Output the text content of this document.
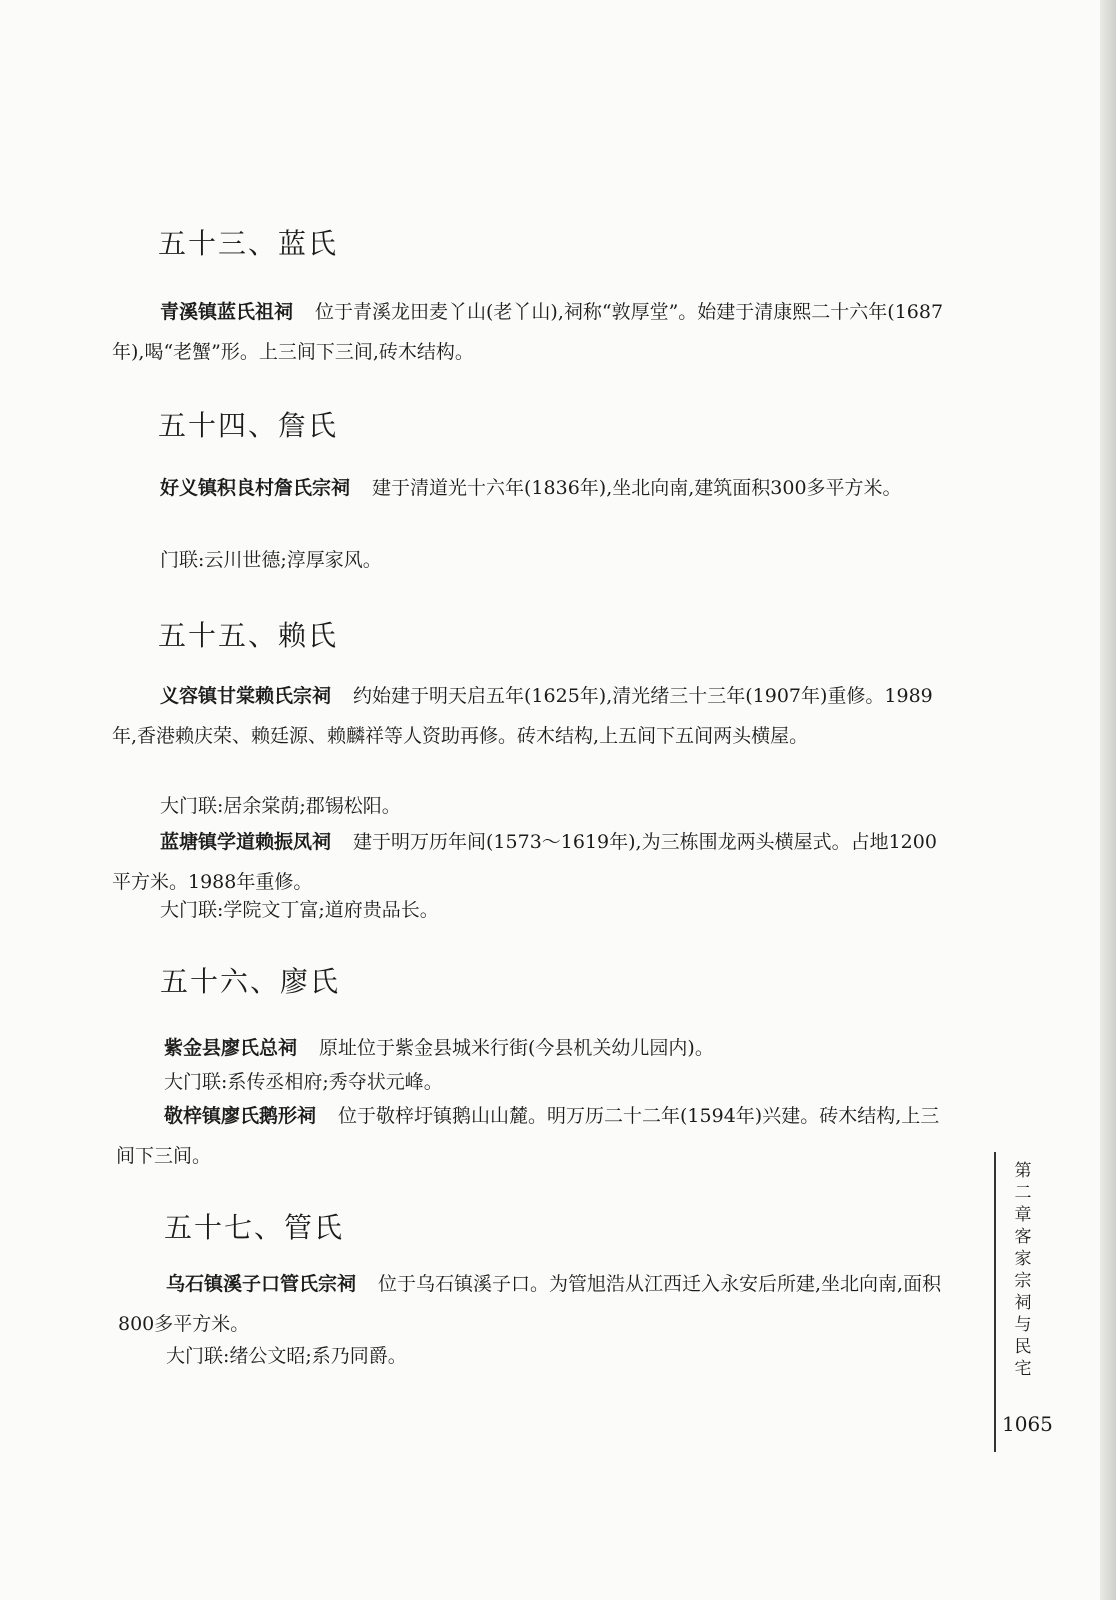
五十三、蓝氏

青溪镇蓝氏祖祠 位于青溪龙田麦丫山(老丫山),祠称“敦厚堂”。始建于清康熙二十六年(1687年),喝“老蟹”形。上三间下三间,砖木结构。

五十四、詹氏

好义镇积良村詹氏宗祠 建于清道光十六年(1836年),坐北向南,建筑面积300多平方米。

门联:云川世德;淳厚家风。

五十五、赖氏

义容镇甘棠赖氏宗祠 约始建于明天启五年(1625年),清光绪三十三年(1907年)重修。1989年,香港赖庆荣、赖廷源、赖麟祥等人资助再修。砖木结构,上五间下五间两头横屋。

大门联:居余棠荫;郡锡松阳。

蓝塘镇学道赖振凤祠 建于明万历年间(1573～1619年),为三栋围龙两头横屋式。占地1200平方米。1988年重修。

大门联:学院文丁富;道府贵品长。

五十六、廖氏

紫金县廖氏总祠 原址位于紫金县城米行街(今县机关幼儿园内)。

大门联:系传丞相府;秀夺状元峰。

敬梓镇廖氏鹅形祠 位于敬梓圩镇鹅山山麓。明万历二十二年(1594年)兴建。砖木结构,上三间下三间。

五十七、管氏

乌石镇溪子口管氏宗祠 位于乌石镇溪子口。为管旭浩从江西迁入永安后所建,坐北向南,面积800多平方米。

大门联:绪公文昭;系乃同爵。

第二章 客家宗祠与民宅
1065
